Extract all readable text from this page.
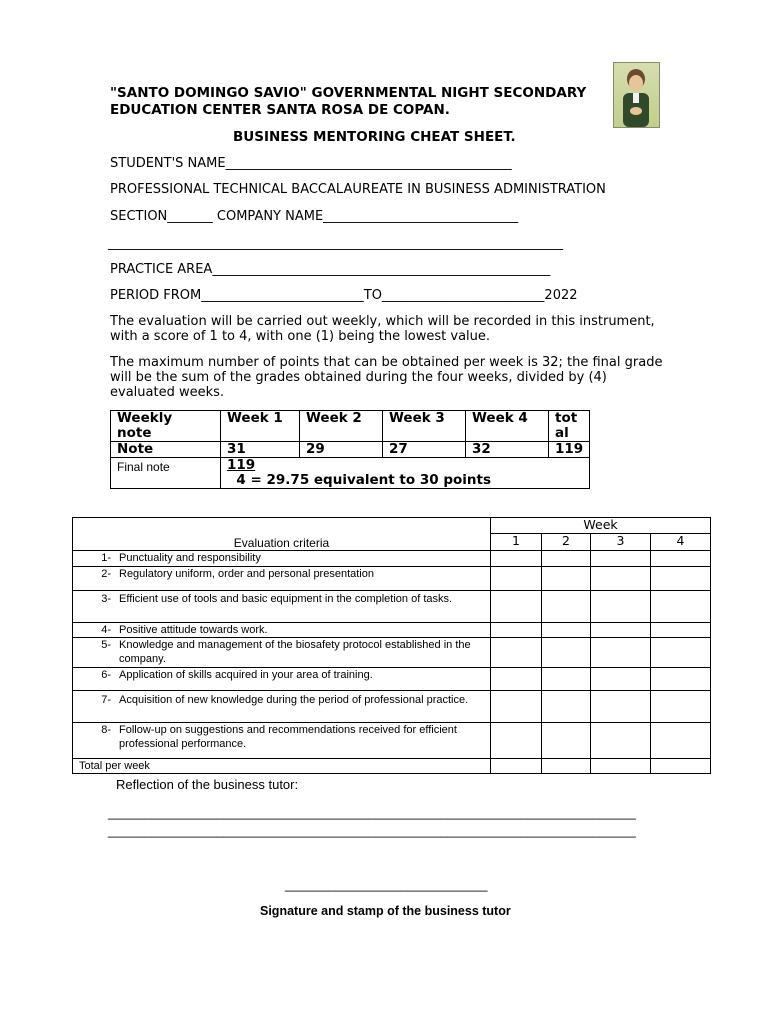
"SANTO DOMINGO SAVIO" GOVERNMENTAL NIGHT SECONDARY
EDUCATION CENTER SANTA ROSA DE COPAN.
BUSINESS MENTORING CHEAT SHEET.
STUDENT'S NAME____________________________________________
PROFESSIONAL TECHNICAL BACCALAUREATE IN BUSINESS ADMINISTRATION
SECTION_______ COMPANY NAME______________________________
______________________________________________________________________
PRACTICE AREA____________________________________________________
PERIOD FROM_________________________TO_________________________2022
The evaluation will be carried out weekly, which will be recorded in this instrument,
with a score of 1 to 4, with one (1) being the lowest value.
The maximum number of points that can be obtained per week is 32; the final grade
will be the sum of the grades obtained during the four weeks, divided by (4)
evaluated weeks.
Weekly
note	Week 1	Week 2	Week 3	Week 4	tot
al
Note	31	29	27	32	119
Final note	119
4 = 29.75 equivalent to 30 points				
Evaluation criteria	Week			
	1	2	3	4
1- Punctuality and responsibility				
2- Regulatory uniform, order and personal presentation				
3- Efficient use of tools and basic equipment in the completion of tasks.				
4- Positive attitude towards work.				
5- Knowledge and management of the biosafety protocol established in the company.				
6- Application of skills acquired in your area of training.				
7- Acquisition of new knowledge during the period of professional practice.				
8- Follow-up on suggestions and recommendations received for efficient professional performance.				
Total per week				
Reflection of the business tutor:
_________________________________________________________________________
_________________________________________________________________________
____________________________
Signature and stamp of the business tutor
